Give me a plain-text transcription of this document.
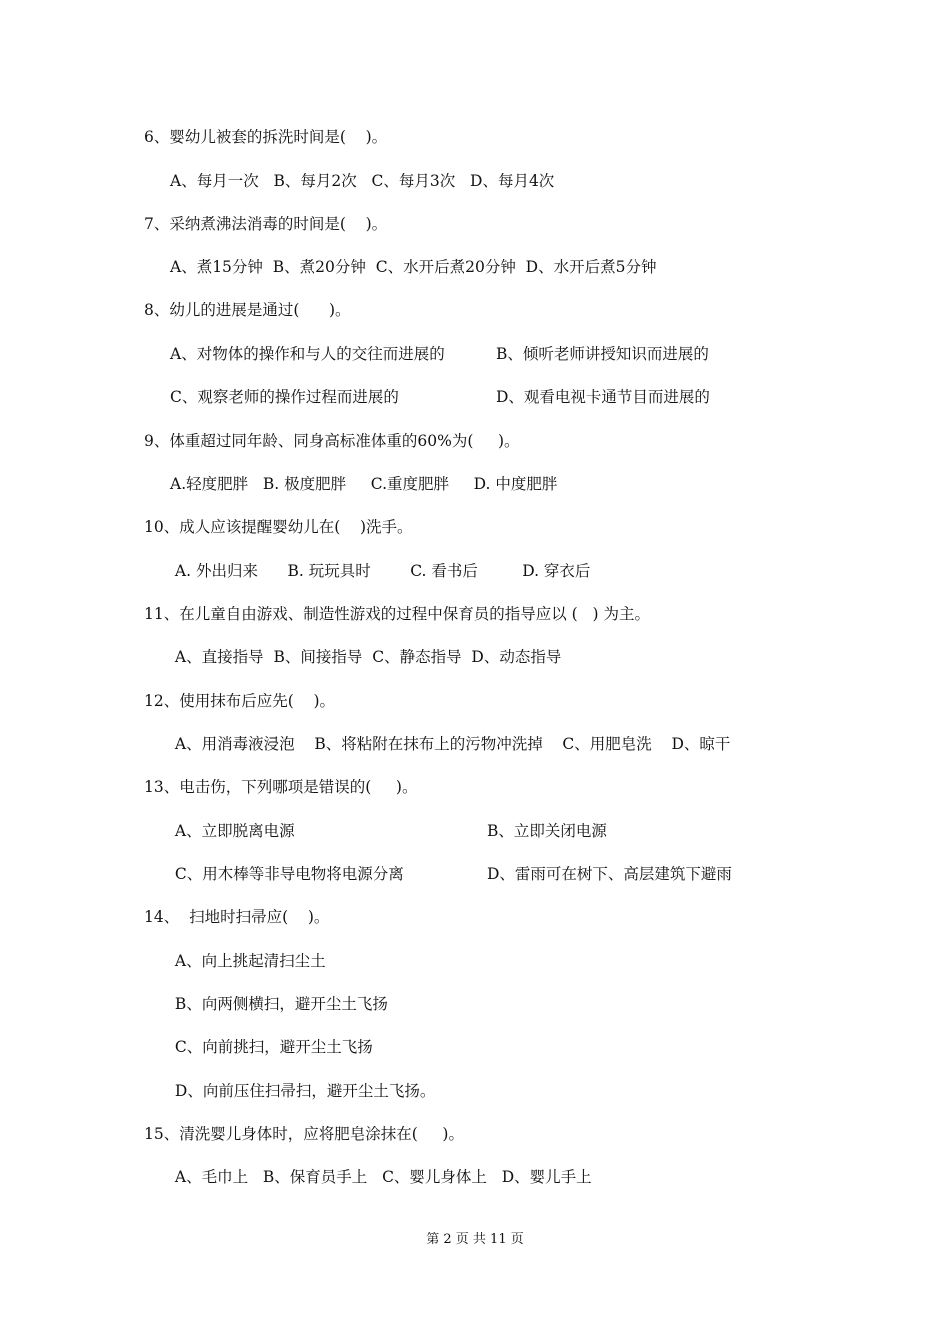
6、婴幼儿被套的拆洗时间是(    )。
A、每月一次   B、每月2次   C、每月3次   D、每月4次
7、采纳煮沸法消毒的时间是(    )。
A、煮15分钟  B、煮20分钟  C、水开后煮20分钟  D、水开后煮5分钟
8、幼儿的进展是通过(      )。
A、对物体的操作和与人的交往而进展的	B、倾听老师讲授知识而进展的
C、观察老师的操作过程而进展的	D、观看电视卡通节目而进展的
9、体重超过同年龄、同身高标准体重的60%为(     )。
A.轻度肥胖   B. 极度肥胖     C.重度肥胖     D. 中度肥胖
10、成人应该提醒婴幼儿在(    )洗手。
A. 外出归来      B. 玩玩具时        C. 看书后         D. 穿衣后
11、在儿童自由游戏、制造性游戏的过程中保育员的指导应以 (   ) 为主。
A、直接指导  B、间接指导  C、静态指导  D、动态指导
12、使用抹布后应先(    )。
A、用消毒液浸泡    B、将粘附在抹布上的污物冲洗掉    C、用肥皂洗    D、晾干
13、电击伤，下列哪项是错误的(     )。
A、立即脱离电源	B、立即关闭电源
C、用木棒等非导电物将电源分离	D、雷雨可在树下、高层建筑下避雨
14、  扫地时扫帚应(    )。
A、向上挑起清扫尘土
B、向两侧横扫，避开尘土飞扬
C、向前挑扫，避开尘土飞扬
D、向前压住扫帚扫，避开尘土飞扬。
15、清洗婴儿身体时，应将肥皂涂抹在(     )。
A、毛巾上   B、保育员手上   C、婴儿身体上   D、婴儿手上
第 2 页 共 11 页
